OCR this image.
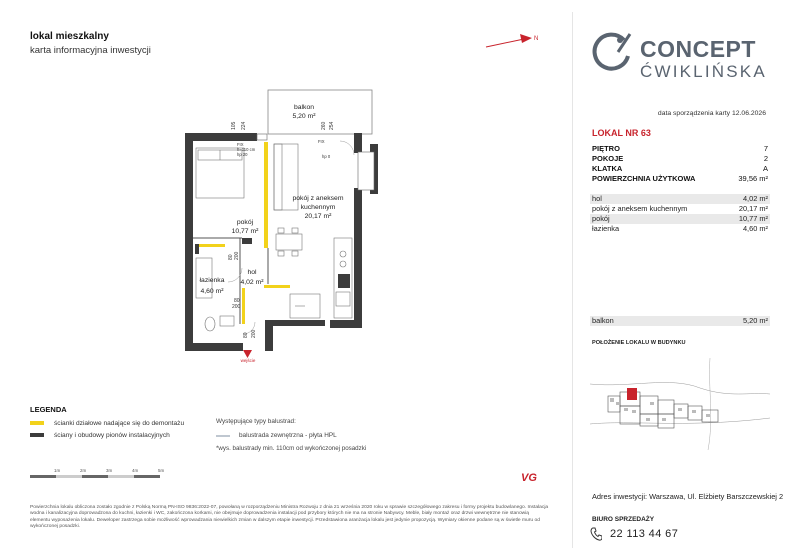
lokal mieszkalny
karta informacyjna inwestycji
N	CONCEPT
ĆWIKLIŃSKA
data sporządzenia karty 12.06.2026
LOKAL NR 63
PIĘTRO	7
POKOJE	2
KLATKA	A
POWIERZCHNIA UŻYTKOWA	39,56 m²
hol	4,02 m²
pokój z aneksem kuchennym	20,17 m²
pokój	10,77 m²
łazienka	4,60 m²
balkon	5,20 m²
POŁOŻENIE LOKALU W BUDYNKU
Adres inwestycji: Warszawa, Ul. Elżbiety Barszczewskiej 2
BIURO SPRZEDAŻY
22 113 44 67
105 224	260 254
80 200
80
200
80 200
FIX
h=110 cm
hp 20
FIX
hp 0
balkon
5,20 m²
pokój z aneksem
kuchennym
20,17 m²
pokój
10,77 m²
łazienka
4,60 m²
hol
4,02 m²
wejście
LEGENDA
ścianki działowe nadające się do demontażu
ściany i obudowy pionów instalacyjnych
Występujące typy balustrad:
balustrada zewnętrzna - płyta HPL
*wys. balustrady min. 110cm od wykończonej posadzki
1m	2m	3m	4m	5m
VG
Powierzchnia lokalu obliczona zostało zgodnie z Polską Normą PN-ISO 9836:2022-07, powołaną w rozporządzeniu Ministra Rozwoju z dnia 21 września 2020 roku w sprawie szczegółowego zakresu i formy projektu budowlanego. Instalacja wodna i kanalizacyjna doprowadzona do kuchni, łazienki i WC, zakończona korkami, nie obejmuje doprowadzenia instalacji pod przybory których nie ma na stronie Nabywcy. Meble, biały montaż oraz drzwi wewnętrzne nie stanowią elementu wyposażenia lokalu. Deweloper zastrzega sobie możliwość wprowadzania niewielkich zmian w dalszym etapie inwestycji. Przedstawiona aranżacja lokalu jest jedynie propozycją. Wymiary okienne podane są w świetle muru od wykończonej posadzki.
